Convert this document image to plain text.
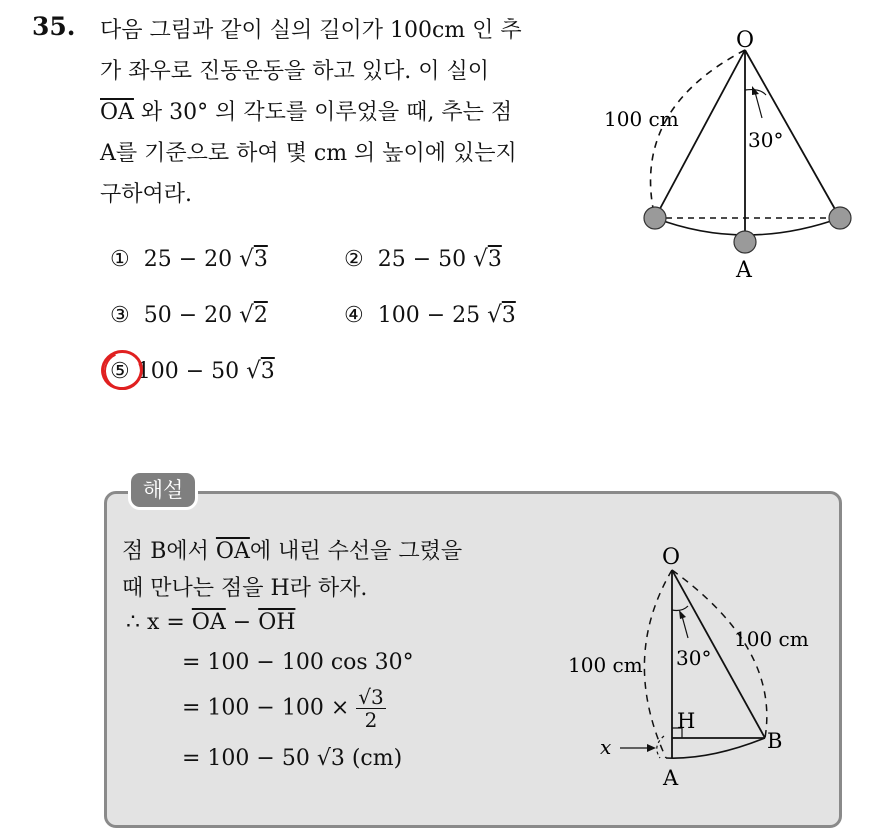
35. 다음 그림과 같이 실의 길이가 100cm 인 추
가 좌우로 진동운동을 하고 있다. 이 실이
$\overline{OA}$ 와 30° 의 각도를 이루었을 때, 추는 점
A를 기준으로 하여 몇 cm 의 높이에 있는지
구하여라.
① 25 − 20 √3	② 25 − 50 √3
③ 50 − 20 √2	④ 100 − 25 √3
⑤ 100 − 50 √3
O
A
100 cm
30°
해설
점 B에서 $\overline{OA}$에 내린 수선을 그렸을
때 만나는 점을 H라 하자.
∴ $x = \overline{OA} - \overline{OH}$
= 100 − 100 cos 30°
= $100 - 100 \times \frac{√3}{2}$
= 100 − 50 √3 (cm)
O
H
B
A
x
100 cm
100 cm
30°
